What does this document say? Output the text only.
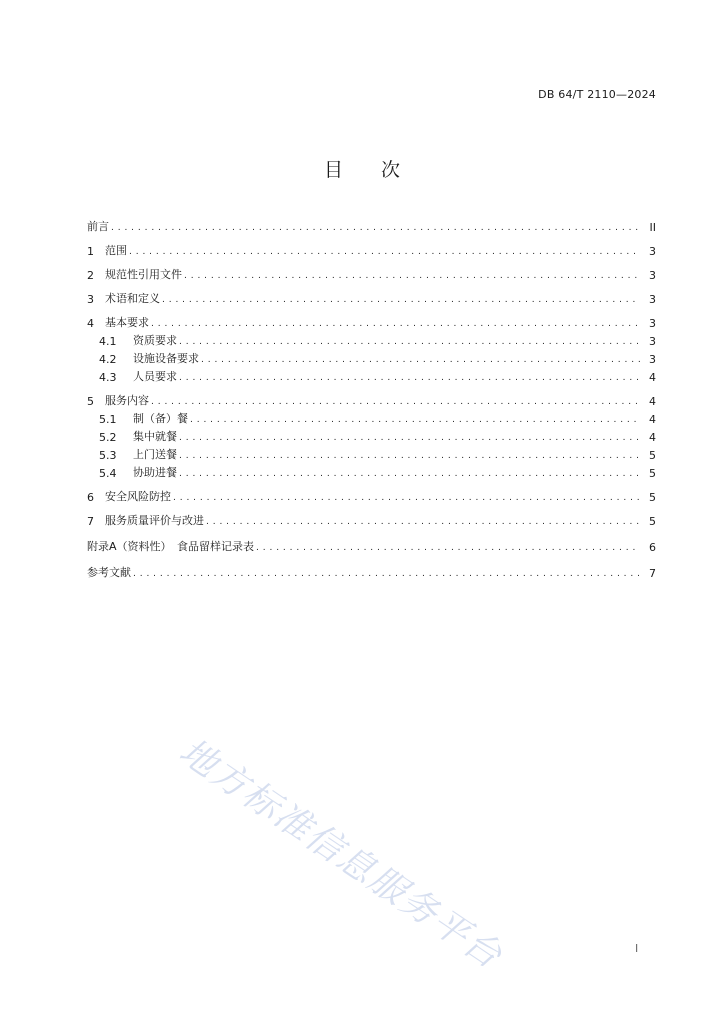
DB 64/T 2110—2024
目　　次
前言 . . .	II
1	范围 . . .	3
2	规范性引用文件 . . .	3
3	术语和定义 . . .	3
4	基本要求 . . .	3
4.1	资质要求 . . .	3
4.2	设施设备要求 . . .	3
4.3	人员要求 . . .	4
5	服务内容 . . .	4
5.1	制（备）餐 . . .	4
5.2	集中就餐 . . .	4
5.3	上门送餐 . . .	5
5.4	协助进餐 . . .	5
6	安全风险防控 . . .	5
7	服务质量评价与改进 . . .	5
附录A（资料性）　食品留样记录表 . . .	6
参考文献 . . .	7
地方标准信息服务平台	I
